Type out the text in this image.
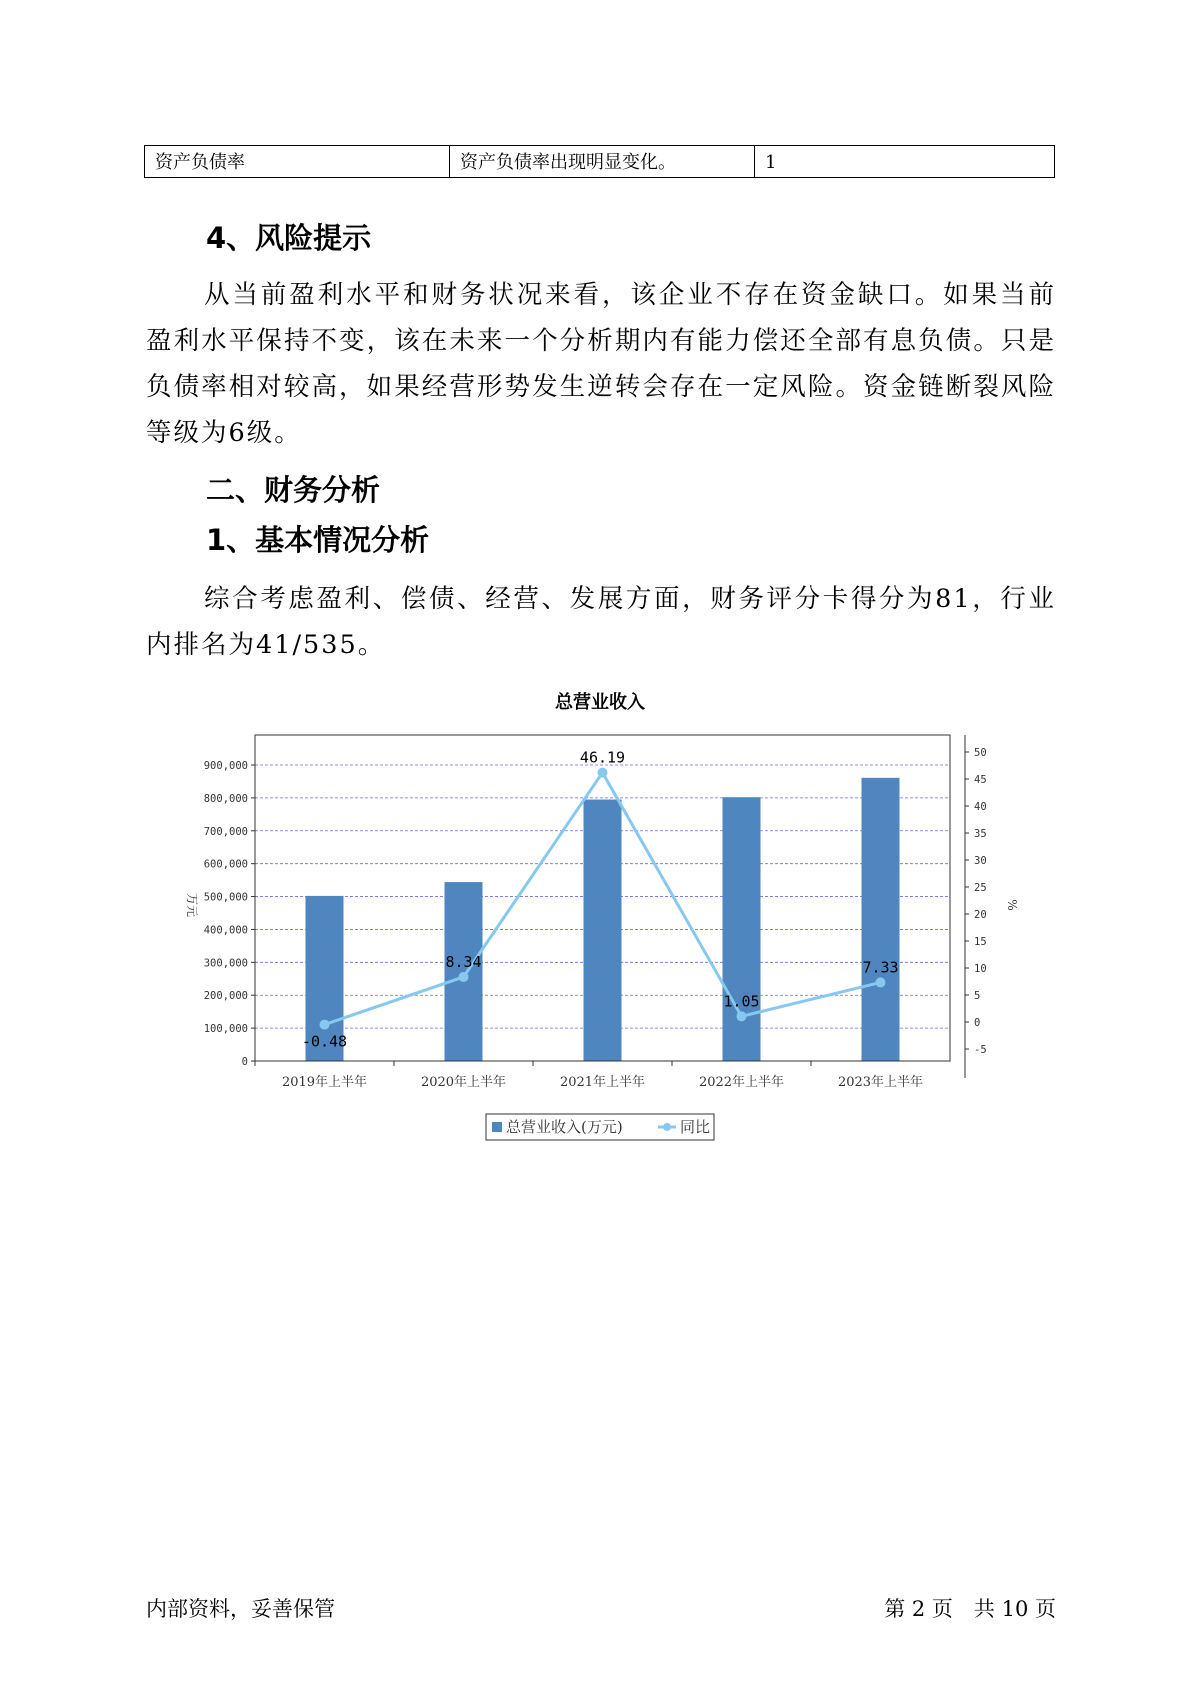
资产负债率	资产负债率出现明显变化。	1
4、风险提示

从当前盈利水平和财务状况来看，该企业不存在资金缺口。如果当前盈利水平保持不变，该在未来一个分析期内有能力偿还全部有息负债。只是负债率相对较高，如果经营形势发生逆转会存在一定风险。资金链断裂风险等级为6级。

二、财务分析
1、基本情况分析

综合考虑盈利、偿债、经营、发展方面，财务评分卡得分为81，行业内排名为41/535。

总营业收入
0
100,000
200,000
300,000
400,000
500,000
600,000
700,000
800,000
900,000
-5
0
5
10
15
20
25
30
35
40
45
50
2019年上半年	2020年上半年	2021年上半年	2022年上半年	2023年上半年
-0.48
8.34
46.19
1.05
7.33
万元	%
总营业收入(万元)	同比
内部资料，妥善保管	第 2 页　共 10 页
